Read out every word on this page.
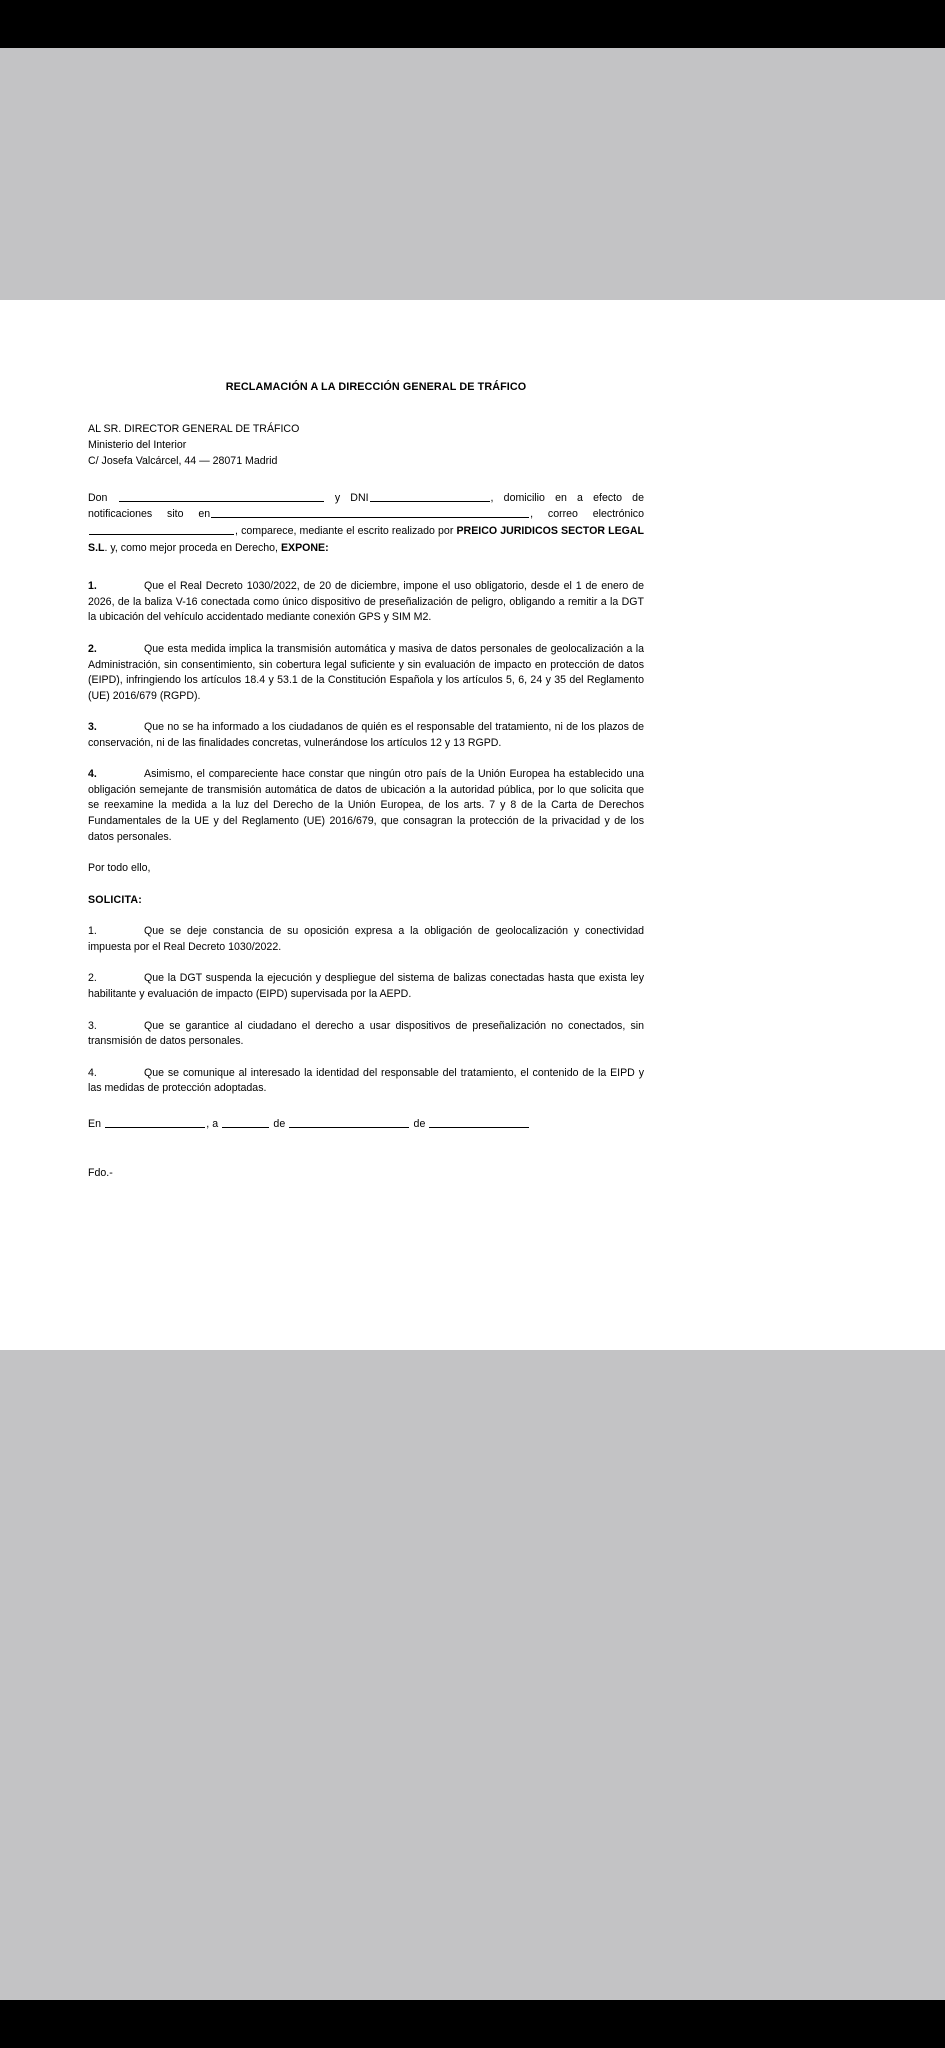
RECLAMACIÓN A LA DIRECCIÓN GENERAL DE TRÁFICO
AL SR. DIRECTOR GENERAL DE TRÁFICO
Ministerio del Interior
C/ Josefa Valcárcel, 44 — 28071 Madrid
Don	y DNI	, domicilio en a efecto de notificaciones sito en	, correo electrónico, comparece, mediante el escrito realizado por PREICO JURIDICOS SECTOR LEGAL S.L. y, como mejor proceda en Derecho, EXPONE:
1.	Que el Real Decreto 1030/2022, de 20 de diciembre, impone el uso obligatorio, desde el 1 de enero de 2026, de la baliza V-16 conectada como único dispositivo de preseñalización de peligro, obligando a remitir a la DGT la ubicación del vehículo accidentado mediante conexión GPS y SIM M2.
2.	Que esta medida implica la transmisión automática y masiva de datos personales de geolocalización a la Administración, sin consentimiento, sin cobertura legal suficiente y sin evaluación de impacto en protección de datos (EIPD), infringiendo los artículos 18.4 y 53.1 de la Constitución Española y los artículos 5, 6, 24 y 35 del Reglamento (UE) 2016/679 (RGPD).
3.	Que no se ha informado a los ciudadanos de quién es el responsable del tratamiento, ni de los plazos de conservación, ni de las finalidades concretas, vulnerándose los artículos 12 y 13 RGPD.
4.	Asimismo, el compareciente hace constar que ningún otro país de la Unión Europea ha establecido una obligación semejante de transmisión automática de datos de ubicación a la autoridad pública, por lo que solicita que se reexamine la medida a la luz del Derecho de la Unión Europea, de los arts. 7 y 8 de la Carta de Derechos Fundamentales de la UE y del Reglamento (UE) 2016/679, que consagran la protección de la privacidad y de los datos personales.
Por todo ello,
SOLICITA:
1.	Que se deje constancia de su oposición expresa a la obligación de geolocalización y conectividad impuesta por el Real Decreto 1030/2022.
2.	Que la DGT suspenda la ejecución y despliegue del sistema de balizas conectadas hasta que exista ley habilitante y evaluación de impacto (EIPD) supervisada por la AEPD.
3.	Que se garantice al ciudadano el derecho a usar dispositivos de preseñalización no conectados, sin transmisión de datos personales.
4.	Que se comunique al interesado la identidad del responsable del tratamiento, el contenido de la EIPD y las medidas de protección adoptadas.
En	, a	de	de
Fdo.-
